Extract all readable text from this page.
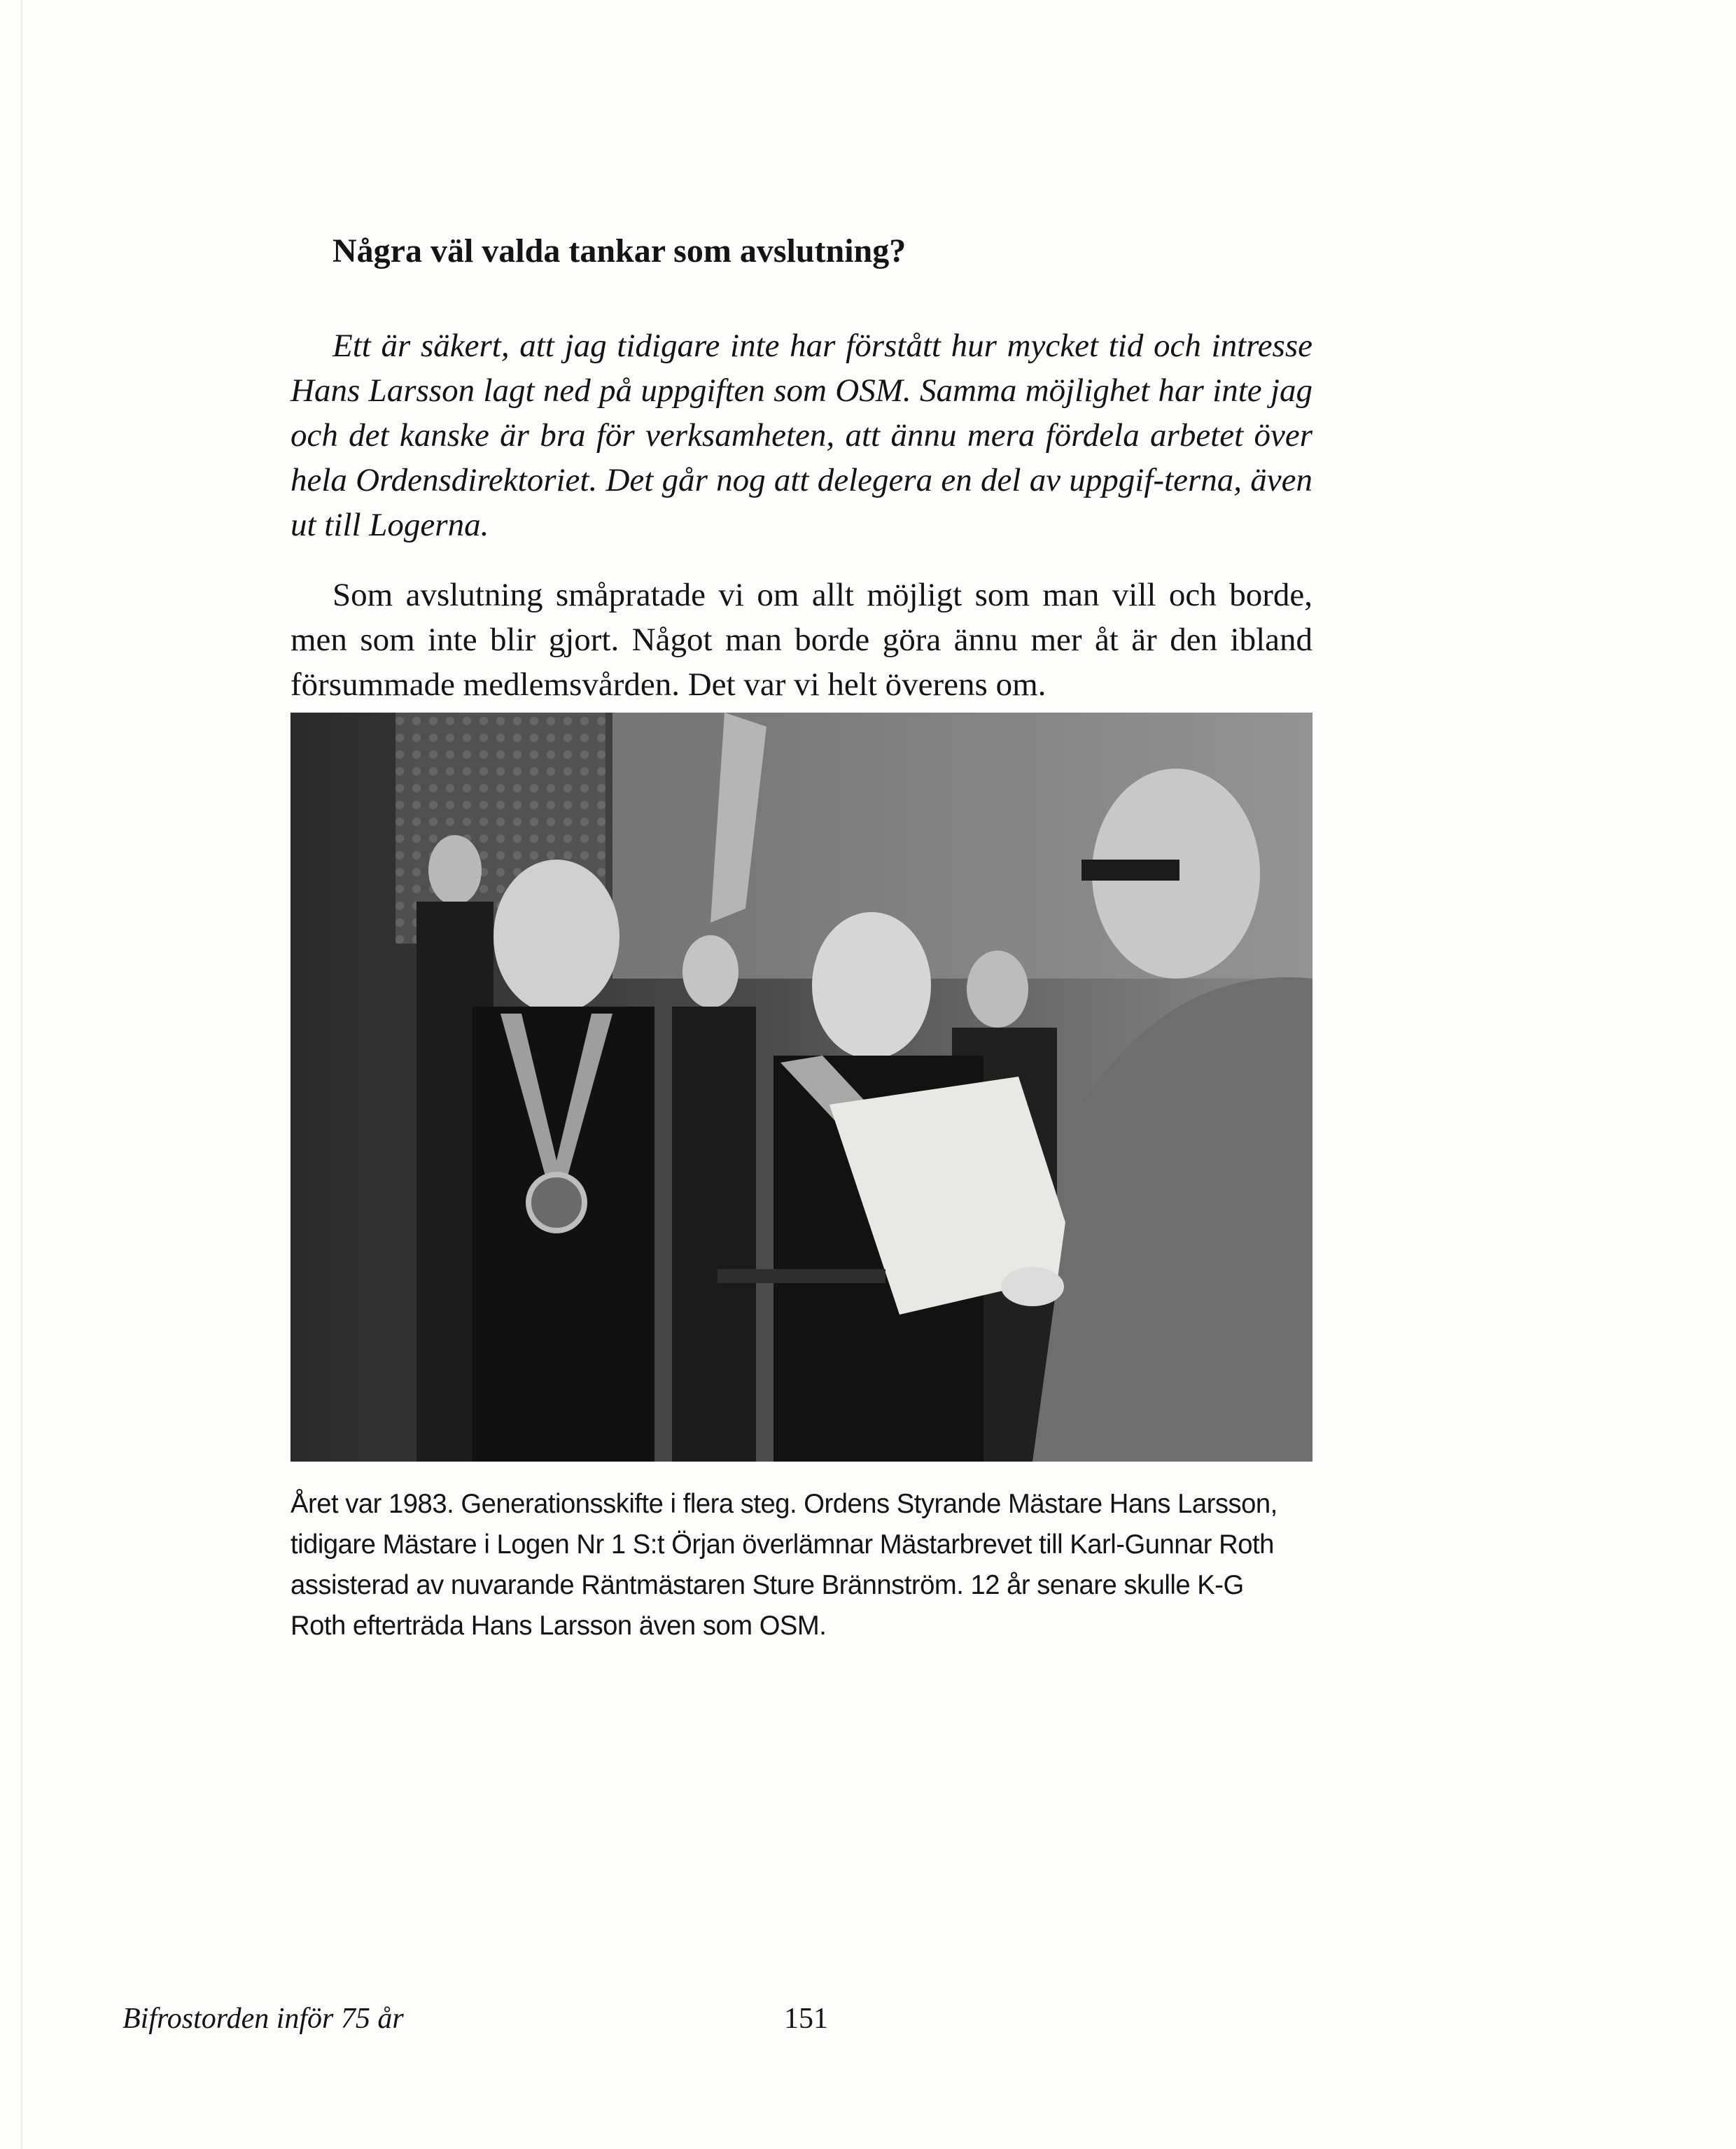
Några väl valda tankar som avslutning?

Ett är säkert, att jag tidigare inte har förstått hur mycket tid och intresse Hans Larsson lagt ned på uppgiften som OSM. Samma möjlighet har inte jag och det kanske är bra för verksamheten, att ännu mera fördela arbetet över hela Ordensdirektoriet. Det går nog att delegera en del av uppgif-terna, även ut till Logerna.

Som avslutning småpratade vi om allt möjligt som man vill och borde, men som inte blir gjort. Något man borde göra ännu mer åt är den ibland försummade medlemsvården. Det var vi helt överens om.

Året var 1983. Generationsskifte i flera steg. Ordens Styrande Mästare Hans Larsson, tidigare Mästare i Logen Nr 1 S:t Örjan överlämnar Mästarbrevet till Karl-Gunnar Roth assisterad av nuvarande Räntmästaren Sture Brännström. 12 år senare skulle K-G Roth efterträda Hans Larsson även som OSM.

Bifrostorden inför 75 år	151
